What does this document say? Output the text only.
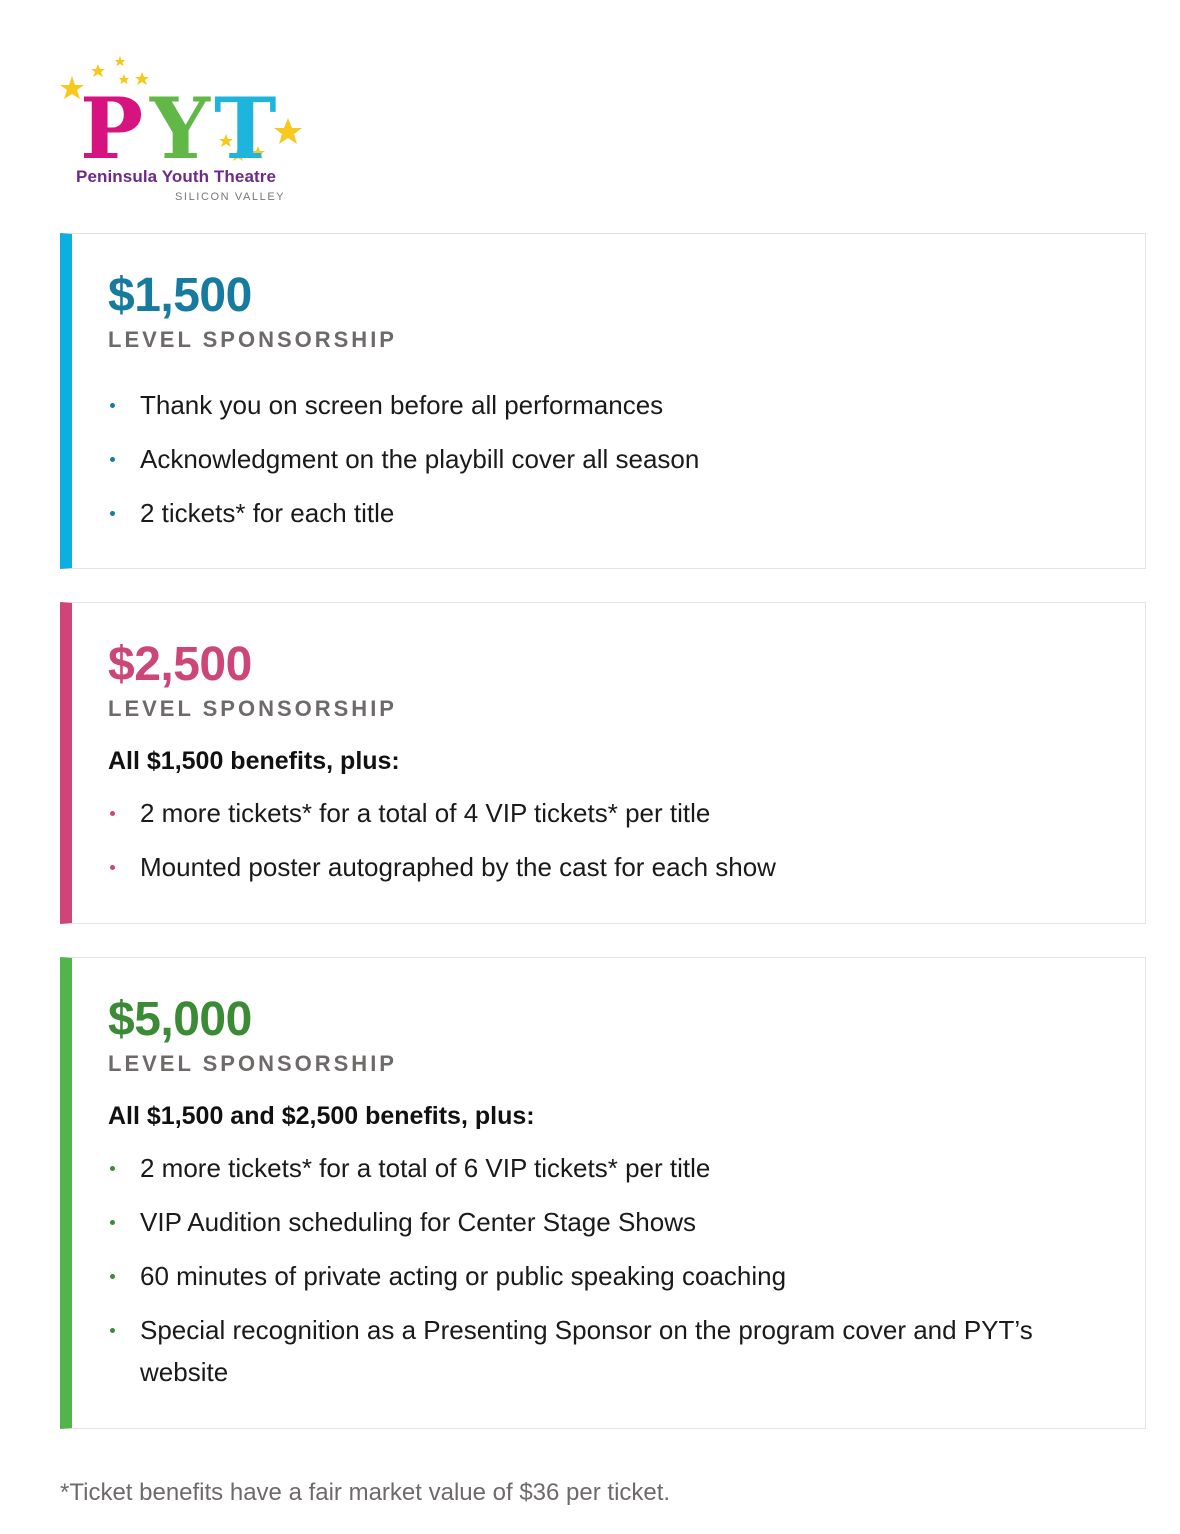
P Y T
Peninsula Youth Theatre
SILICON VALLEY
$1,500
LEVEL SPONSORSHIP
Thank you on screen before all performances
Acknowledgment on the playbill cover all season
2 tickets* for each title
$2,500
LEVEL SPONSORSHIP
All $1,500 benefits, plus:
2 more tickets* for a total of 4 VIP tickets* per title
Mounted poster autographed by the cast for each show
$5,000
LEVEL SPONSORSHIP
All $1,500 and $2,500 benefits, plus:
2 more tickets* for a total of 6 VIP tickets* per title
VIP Audition scheduling for Center Stage Shows
60 minutes of private acting or public speaking coaching
Special recognition as a Presenting Sponsor on the program cover and PYT’s website
*Ticket benefits have a fair market value of $36 per ticket.
